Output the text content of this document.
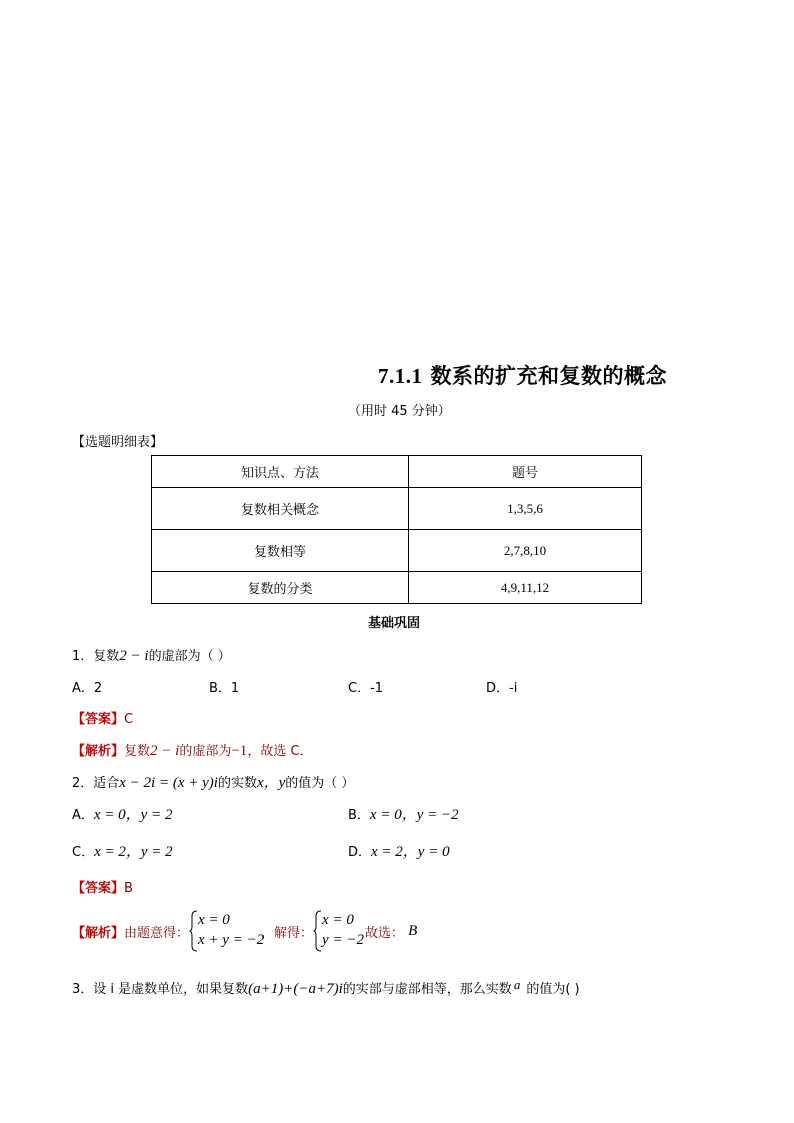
7.1.1 数系的扩充和复数的概念
（用时 45 分钟）
【选题明细表】
知识点、方法	题号
复数相关概念	1,3,5,6
复数相等	2,7,8,10
复数的分类	4,9,11,12
基础巩固
1．复数2 − i的虚部为（ ）
A．2	B．1	C．-1	D．-i
【答案】C
【解析】复数2 − i的虚部为−1，故选 C．
2．适合x − 2i = (x + y)i的实数x，y的值为（ ）
A．x = 0，y = 2	B．x = 0，y = −2
C．x = 2，y = 2	D．x = 2，y = 0
【答案】B
【解析】 由题意得：
x = 0
x + y = −2
，解得：
x = 0
y = −2 故选： B
3．设 i 是虚数单位，如果复数(a+1)+(−a+7)i的实部与虚部相等，那么实数 a 的值为( )
